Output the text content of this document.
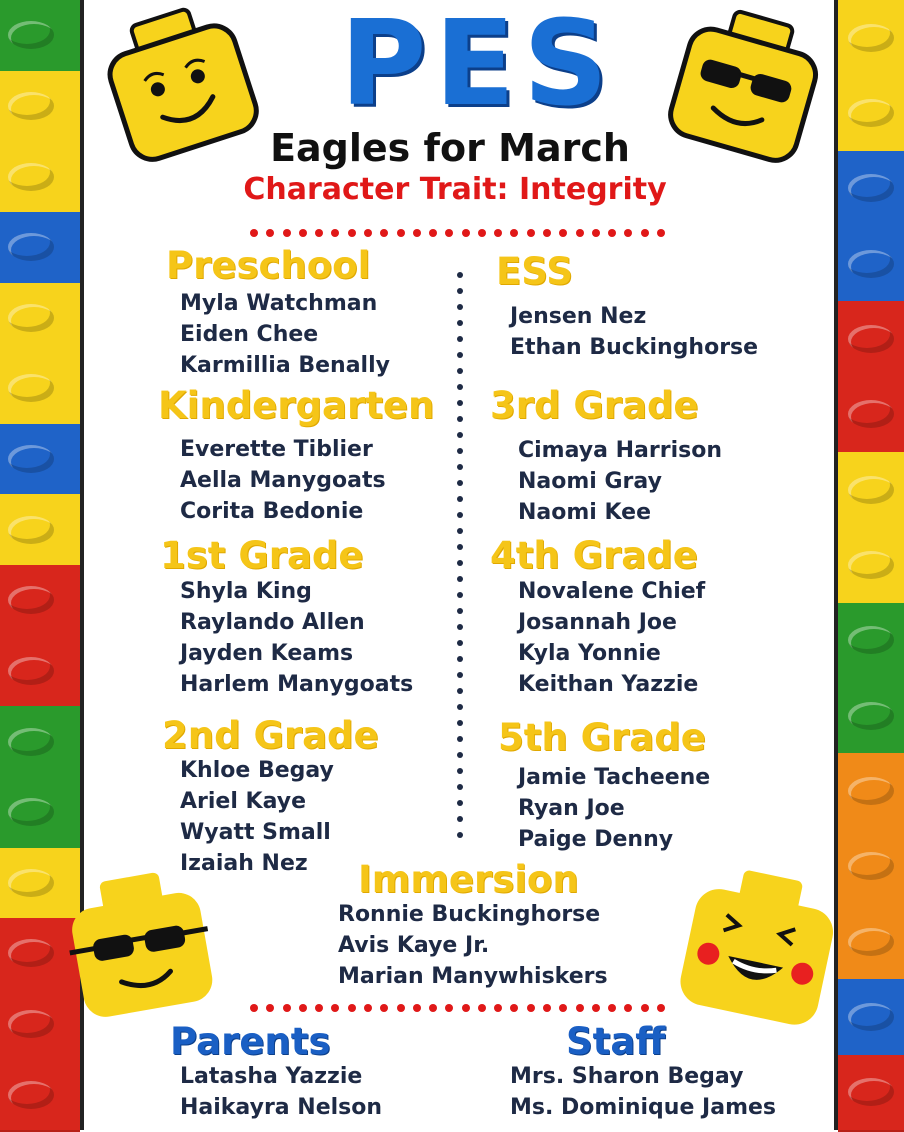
PES
Eagles for March
Character Trait: Integrity
Preschool
Myla Watchman
Eiden Chee
Karmillia Benally
Kindergarten
Everette Tiblier
Aella Manygoats
Corita Bedonie
1st Grade
Shyla King
Raylando Allen
Jayden Keams
Harlem Manygoats
2nd Grade
Khloe Begay
Ariel Kaye
Wyatt Small
Izaiah Nez
ESS
Jensen Nez
Ethan Buckinghorse
3rd Grade
Cimaya Harrison
Naomi Gray
Naomi Kee
4th Grade
Novalene Chief
Josannah Joe
Kyla Yonnie
Keithan Yazzie
5th Grade
Jamie Tacheene
Ryan Joe
Paige Denny
Immersion
Ronnie Buckinghorse
Avis Kaye Jr.
Marian Manywhiskers
Parents
Latasha Yazzie
Haikayra Nelson
Staff
Mrs. Sharon Begay
Ms. Dominique James
